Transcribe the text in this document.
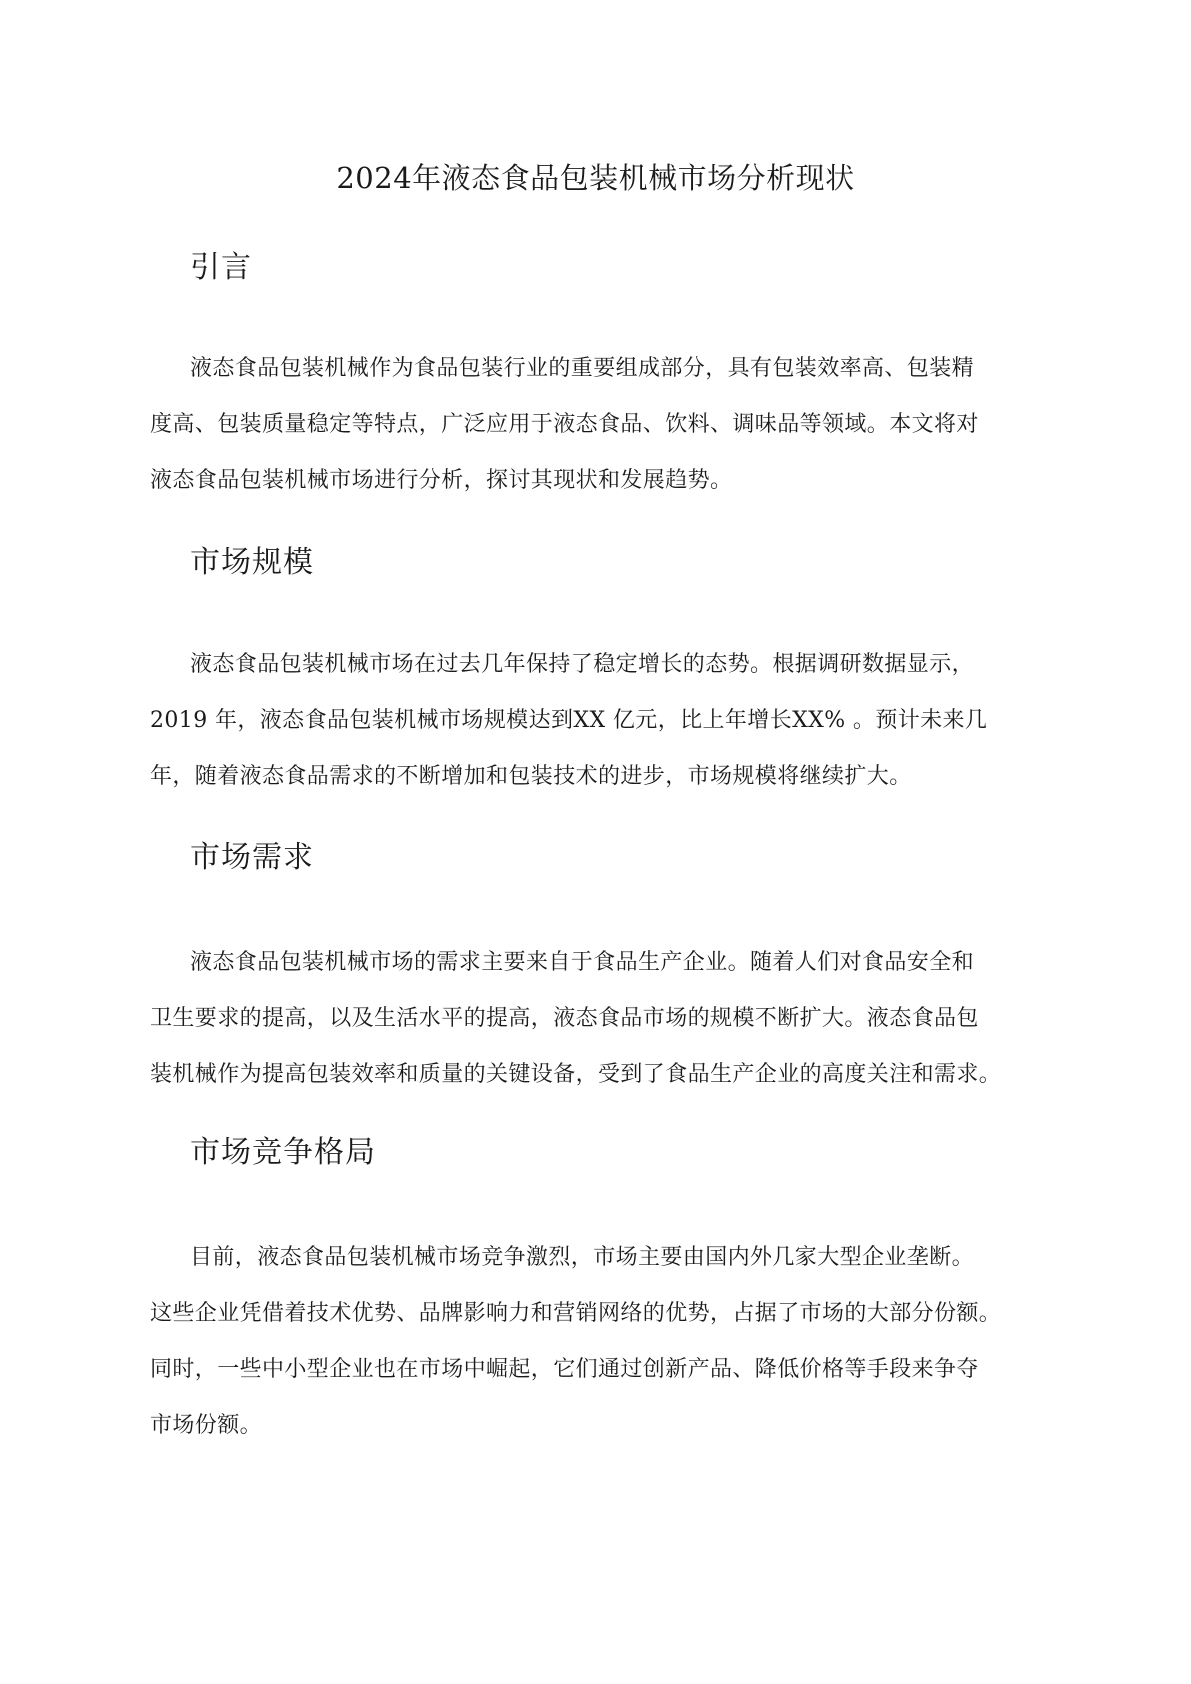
2024年液态食品包装机械市场分析现状
引言
液态食品包装机械作为食品包装行业的重要组成部分，具有包装效率高、包装精
度高、包装质量稳定等特点，广泛应用于液态食品、饮料、调味品等领域。本文将对
液态食品包装机械市场进行分析，探讨其现状和发展趋势。
市场规模
液态食品包装机械市场在过去几年保持了稳定增长的态势。根据调研数据显示，
2019 年，液态食品包装机械市场规模达到XX 亿元，比上年增长XX% 。预计未来几
年，随着液态食品需求的不断增加和包装技术的进步，市场规模将继续扩大。
市场需求
液态食品包装机械市场的需求主要来自于食品生产企业。随着人们对食品安全和
卫生要求的提高，以及生活水平的提高，液态食品市场的规模不断扩大。液态食品包
装机械作为提高包装效率和质量的关键设备，受到了食品生产企业的高度关注和需求。
市场竞争格局
目前，液态食品包装机械市场竞争激烈，市场主要由国内外几家大型企业垄断。
这些企业凭借着技术优势、品牌影响力和营销网络的优势，占据了市场的大部分份额。
同时，一些中小型企业也在市场中崛起，它们通过创新产品、降低价格等手段来争夺
市场份额。
